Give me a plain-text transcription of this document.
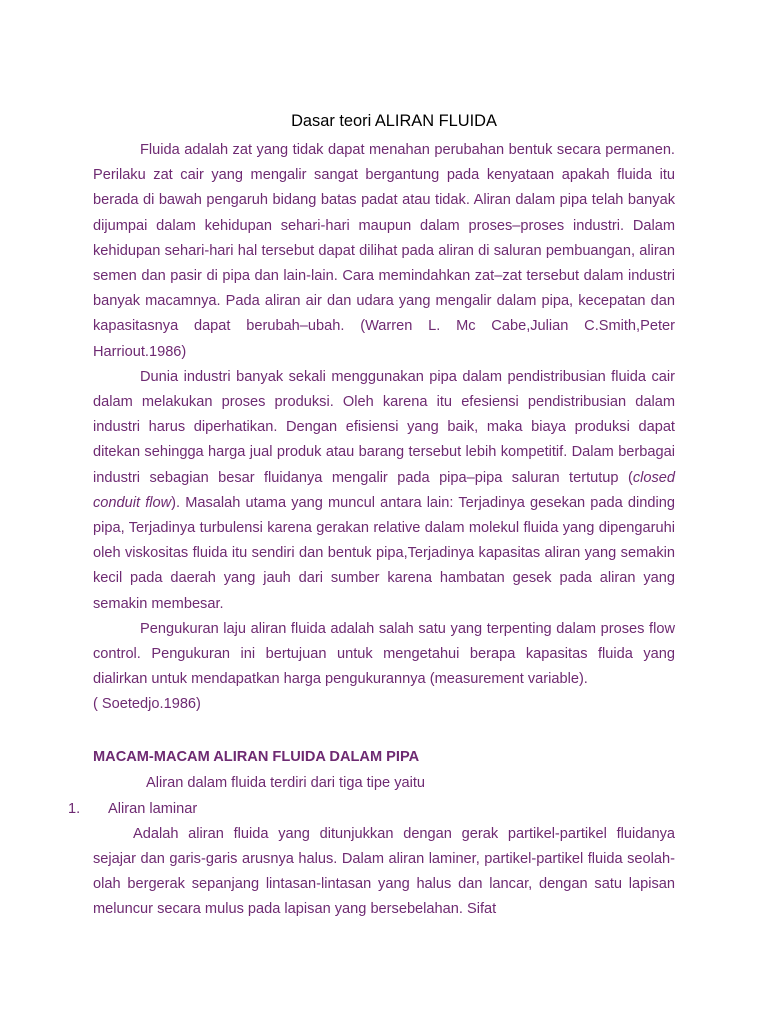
Dasar teori ALIRAN FLUIDA

Fluida adalah zat yang tidak dapat menahan perubahan bentuk secara permanen. Perilaku zat cair yang mengalir sangat bergantung pada kenyataan apakah fluida itu berada di bawah pengaruh bidang batas padat atau tidak. Aliran dalam pipa telah banyak dijumpai dalam kehidupan sehari-hari maupun dalam proses–proses industri. Dalam kehidupan sehari-hari hal tersebut dapat dilihat pada aliran di saluran pembuangan, aliran semen dan pasir di pipa dan lain-lain. Cara memindahkan zat–zat tersebut dalam industri banyak macamnya. Pada aliran air dan udara yang mengalir dalam pipa, kecepatan dan kapasitasnya dapat berubah–ubah. (Warren L. Mc Cabe,Julian C.Smith,Peter Harriout.1986)

Dunia industri banyak sekali menggunakan pipa dalam pendistribusian fluida cair dalam melakukan proses produksi. Oleh karena itu efesiensi pendistribusian dalam industri harus diperhatikan. Dengan efisiensi yang baik, maka biaya produksi dapat ditekan sehingga harga jual produk atau barang tersebut lebih kompetitif. Dalam berbagai industri sebagian besar fluidanya mengalir pada pipa–pipa saluran tertutup (closed conduit flow). Masalah utama yang muncul antara lain: Terjadinya gesekan pada dinding pipa, Terjadinya turbulensi karena gerakan relative dalam molekul fluida yang dipengaruhi oleh viskositas fluida itu sendiri dan bentuk pipa,Terjadinya kapasitas aliran yang semakin kecil pada daerah yang jauh dari sumber karena hambatan gesek pada aliran yang semakin membesar.

Pengukuran laju aliran fluida adalah salah satu yang terpenting dalam proses flow control. Pengukuran ini bertujuan untuk mengetahui berapa kapasitas fluida yang dialirkan untuk mendapatkan harga pengukurannya (measurement variable).

( Soetedjo.1986)

MACAM-MACAM ALIRAN FLUIDA DALAM PIPA

Aliran dalam fluida terdiri dari tiga tipe yaitu

1. Aliran laminar

Adalah aliran fluida yang ditunjukkan dengan gerak partikel-partikel fluidanya sejajar dan garis-garis arusnya halus. Dalam aliran laminer, partikel-partikel fluida seolah-olah bergerak sepanjang lintasan-lintasan yang halus dan lancar, dengan satu lapisan meluncur secara mulus pada lapisan yang bersebelahan. Sifat
